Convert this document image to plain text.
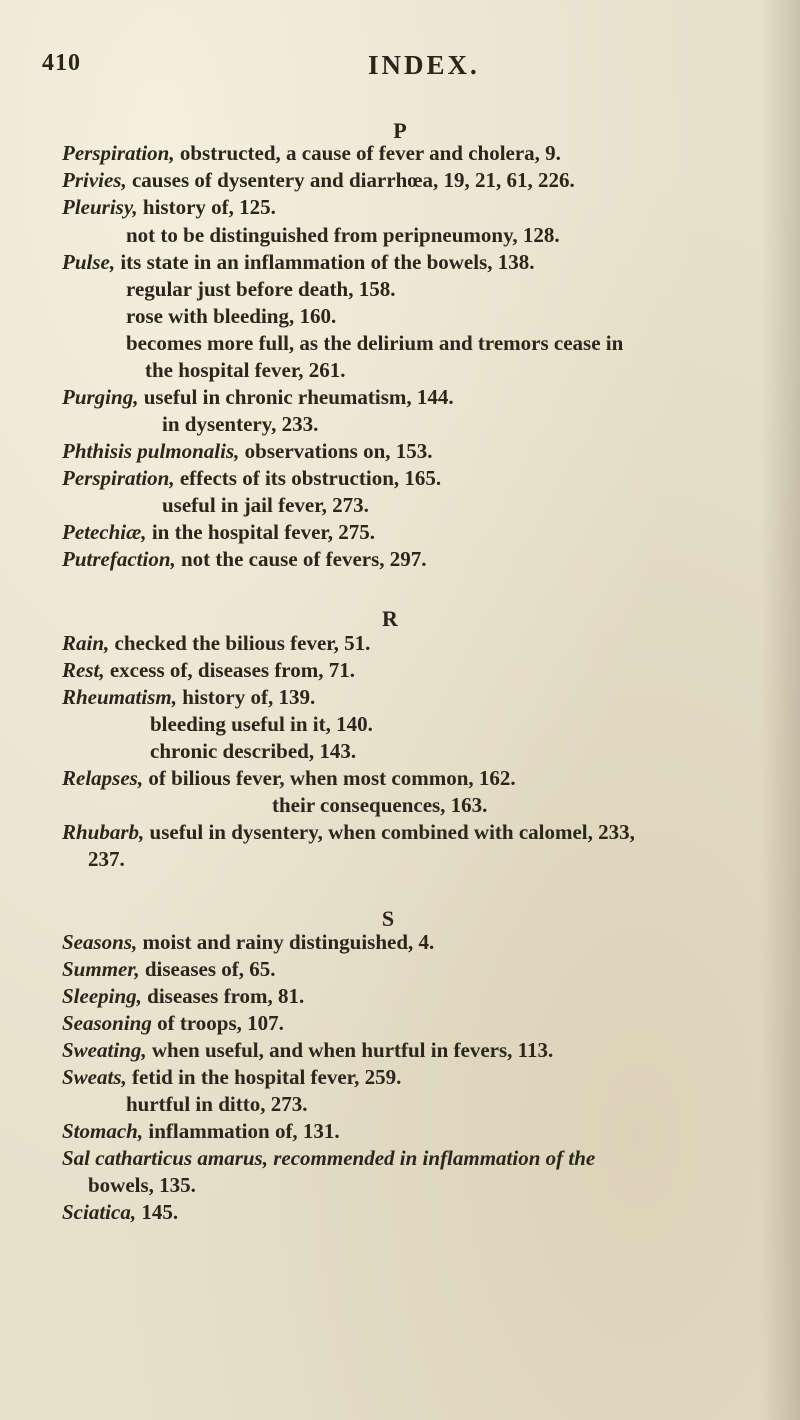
410	INDEX.
P
Perspiration, obstructed, a cause of fever and cholera, 9.
Privies, causes of dysentery and diarrhœa, 19, 21, 61, 226.
Pleurisy, history of, 125.
not to be distinguished from peripneumony, 128.
Pulse, its state in an inflammation of the bowels, 138.
regular just before death, 158.
rose with bleeding, 160.
becomes more full, as the delirium and tremors cease in
the hospital fever, 261.
Purging, useful in chronic rheumatism, 144.
in dysentery, 233.
Phthisis pulmonalis, observations on, 153.
Perspiration, effects of its obstruction, 165.
useful in jail fever, 273.
Petechiæ, in the hospital fever, 275.
Putrefaction, not the cause of fevers, 297.
R
Rain, checked the bilious fever, 51.
Rest, excess of, diseases from, 71.
Rheumatism, history of, 139.
bleeding useful in it, 140.
chronic described, 143.
Relapses, of bilious fever, when most common, 162.
their consequences, 163.
Rhubarb, useful in dysentery, when combined with calomel, 233,
237.
S
Seasons, moist and rainy distinguished, 4.
Summer, diseases of, 65.
Sleeping, diseases from, 81.
Seasoning of troops, 107.
Sweating, when useful, and when hurtful in fevers, 113.
Sweats, fetid in the hospital fever, 259.
hurtful in ditto, 273.
Stomach, inflammation of, 131.
Sal catharticus amarus, recommended in inflammation of the
bowels, 135.
Sciatica, 145.
